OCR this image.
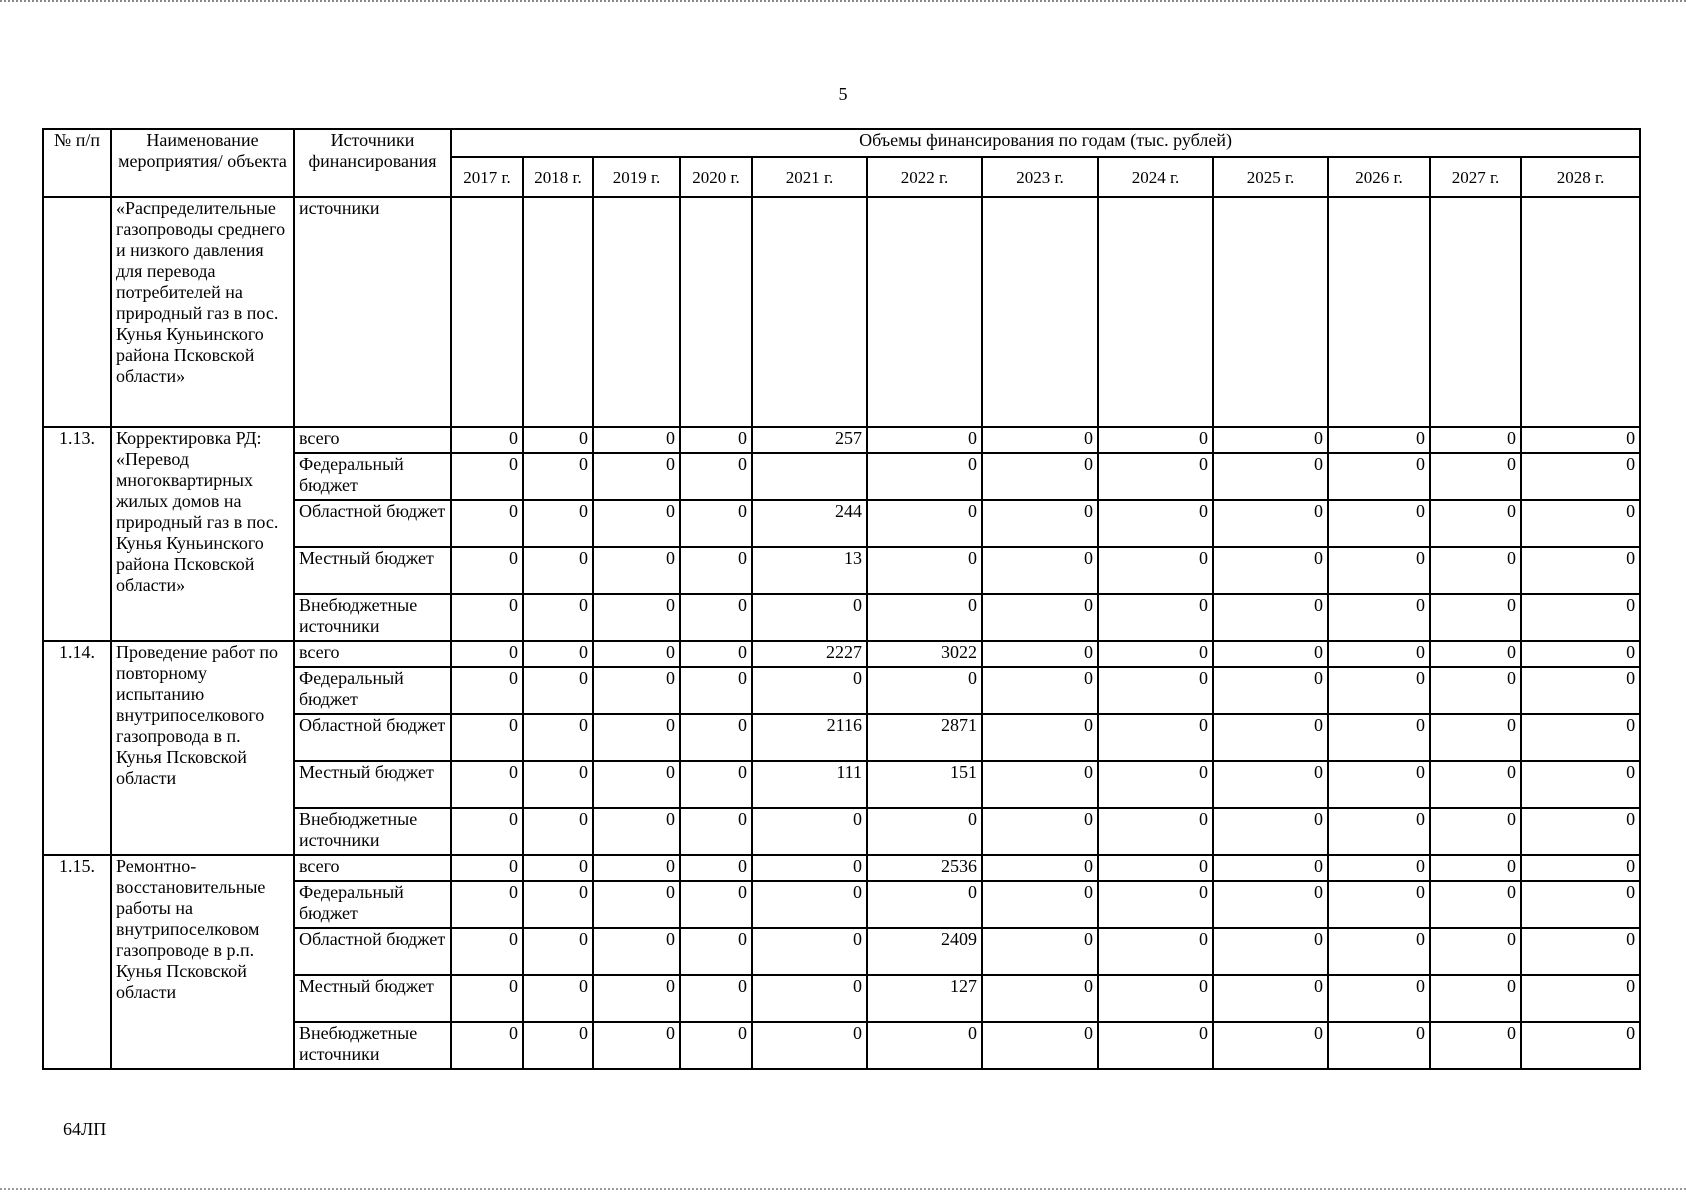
5
№ п/п	Наименование мероприятия/ объекта	Источники финансирования	Объемы финансирования по годам (тыс. рублей)											
			2017 г.	2018 г.	2019 г.	2020 г.	2021 г.	2022 г.	2023 г.	2024 г.	2025 г.	2026 г.	2027 г.	2028 г.
	«Распределительные газопроводы среднего и низкого давления для перевода потребителей на природный газ в пос. Кунья Куньинского района Псковской области»	источники												
1.13.	Корректировка РД: «Перевод многоквартирных жилых домов на природный газ в пос. Кунья Куньинского района Псковской области»	всего	0	0	0	0	257	0	0	0	0	0	0	0
		Федеральный бюджет	0	0	0	0		0	0	0	0	0	0	0
		Областной бюджет	0	0	0	0	244	0	0	0	0	0	0	0
		Местный бюджет	0	0	0	0	13	0	0	0	0	0	0	0
		Внебюджетные источники	0	0	0	0	0	0	0	0	0	0	0	0
1.14.	Проведение работ по повторному испытанию внутрипоселкового газопровода в п. Кунья Псковской области	всего	0	0	0	0	2227	3022	0	0	0	0	0	0
		Федеральный бюджет	0	0	0	0	0	0	0	0	0	0	0	0
		Областной бюджет	0	0	0	0	2116	2871	0	0	0	0	0	0
		Местный бюджет	0	0	0	0	111	151	0	0	0	0	0	0
		Внебюджетные источники	0	0	0	0	0	0	0	0	0	0	0	0
1.15.	Ремонтно-восстановительные работы на внутрипоселковом газопроводе в р.п. Кунья Псковской области	всего	0	0	0	0	0	2536	0	0	0	0	0	0
		Федеральный бюджет	0	0	0	0	0	0	0	0	0	0	0	0
		Областной бюджет	0	0	0	0	0	2409	0	0	0	0	0	0
		Местный бюджет	0	0	0	0	0	127	0	0	0	0	0	0
		Внебюджетные источники	0	0	0	0	0	0	0	0	0	0	0	0
64ЛП
